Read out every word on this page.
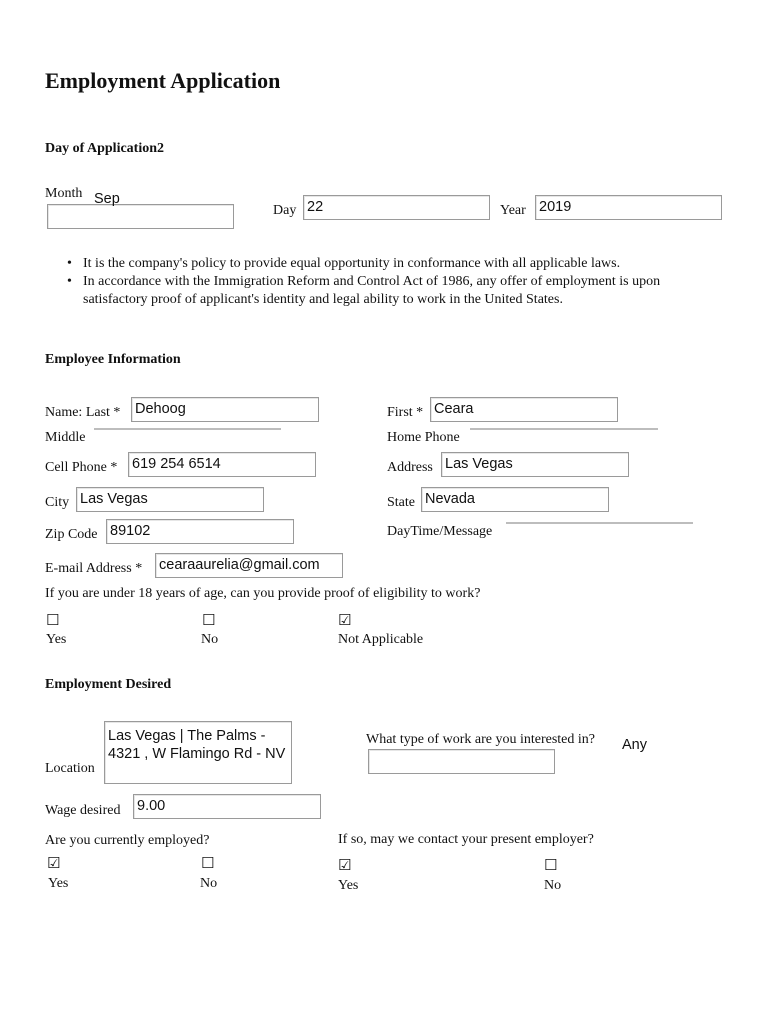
Employment Application
Day of Application2
Month Sep
Day 22	Year 2019
• It is the company's policy to provide equal opportunity in conformance with all applicable laws.
• In accordance with the Immigration Reform and Control Act of 1986, any offer of employment is upon
satisfactory proof of applicant's identity and legal ability to work in the United States.
Employee Information
Name: Last * Dehoog	First * Ceara
Middle	Home Phone
Cell Phone * 619 254 6514	Address Las Vegas
City Las Vegas	State Nevada
Zip Code 89102	DayTime/Message
E-mail Address * cearaaurelia@gmail.com
If you are under 18 years of age, can you provide proof of eligibility to work?
☐
Yes
☐
No
☑
Not Applicable
Employment Desired
Location
Las Vegas | The Palms - 4321 , W Flamingo Rd - NV
What type of work are you interested in? Any
Wage desired 9.00
Are you currently employed?	If so, may we contact your present employer?
☑
Yes
☐
No
☑
Yes
☐
No
